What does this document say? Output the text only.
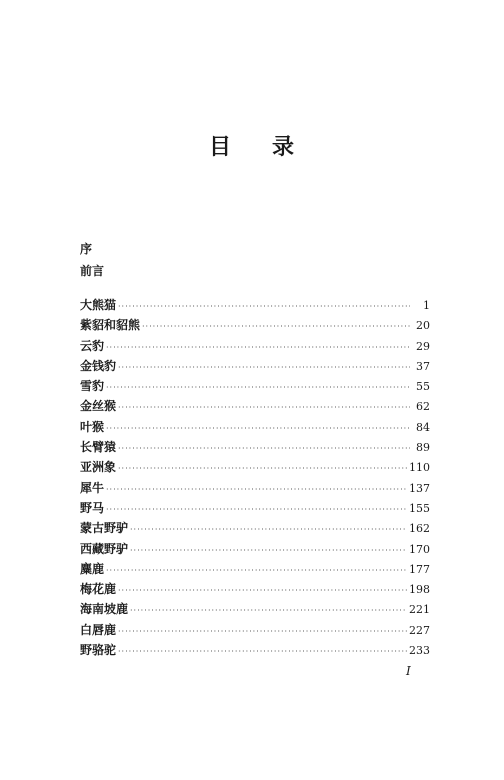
目 录
序
前言
大熊猫 ·····	1
紫貂和貂熊 ·····	20
云豹 ·····	29
金钱豹 ·····	37
雪豹 ·····	55
金丝猴 ·····	62
叶猴 ·····	84
长臂猿 ·····	89
亚洲象 ·····	110
犀牛 ·····	137
野马 ·····	155
蒙古野驴 ·····	162
西藏野驴 ·····	170
麋鹿 ·····	177
梅花鹿 ·····	198
海南坡鹿 ·····	221
白唇鹿 ·····	227
野骆驼 ·····	233
I
